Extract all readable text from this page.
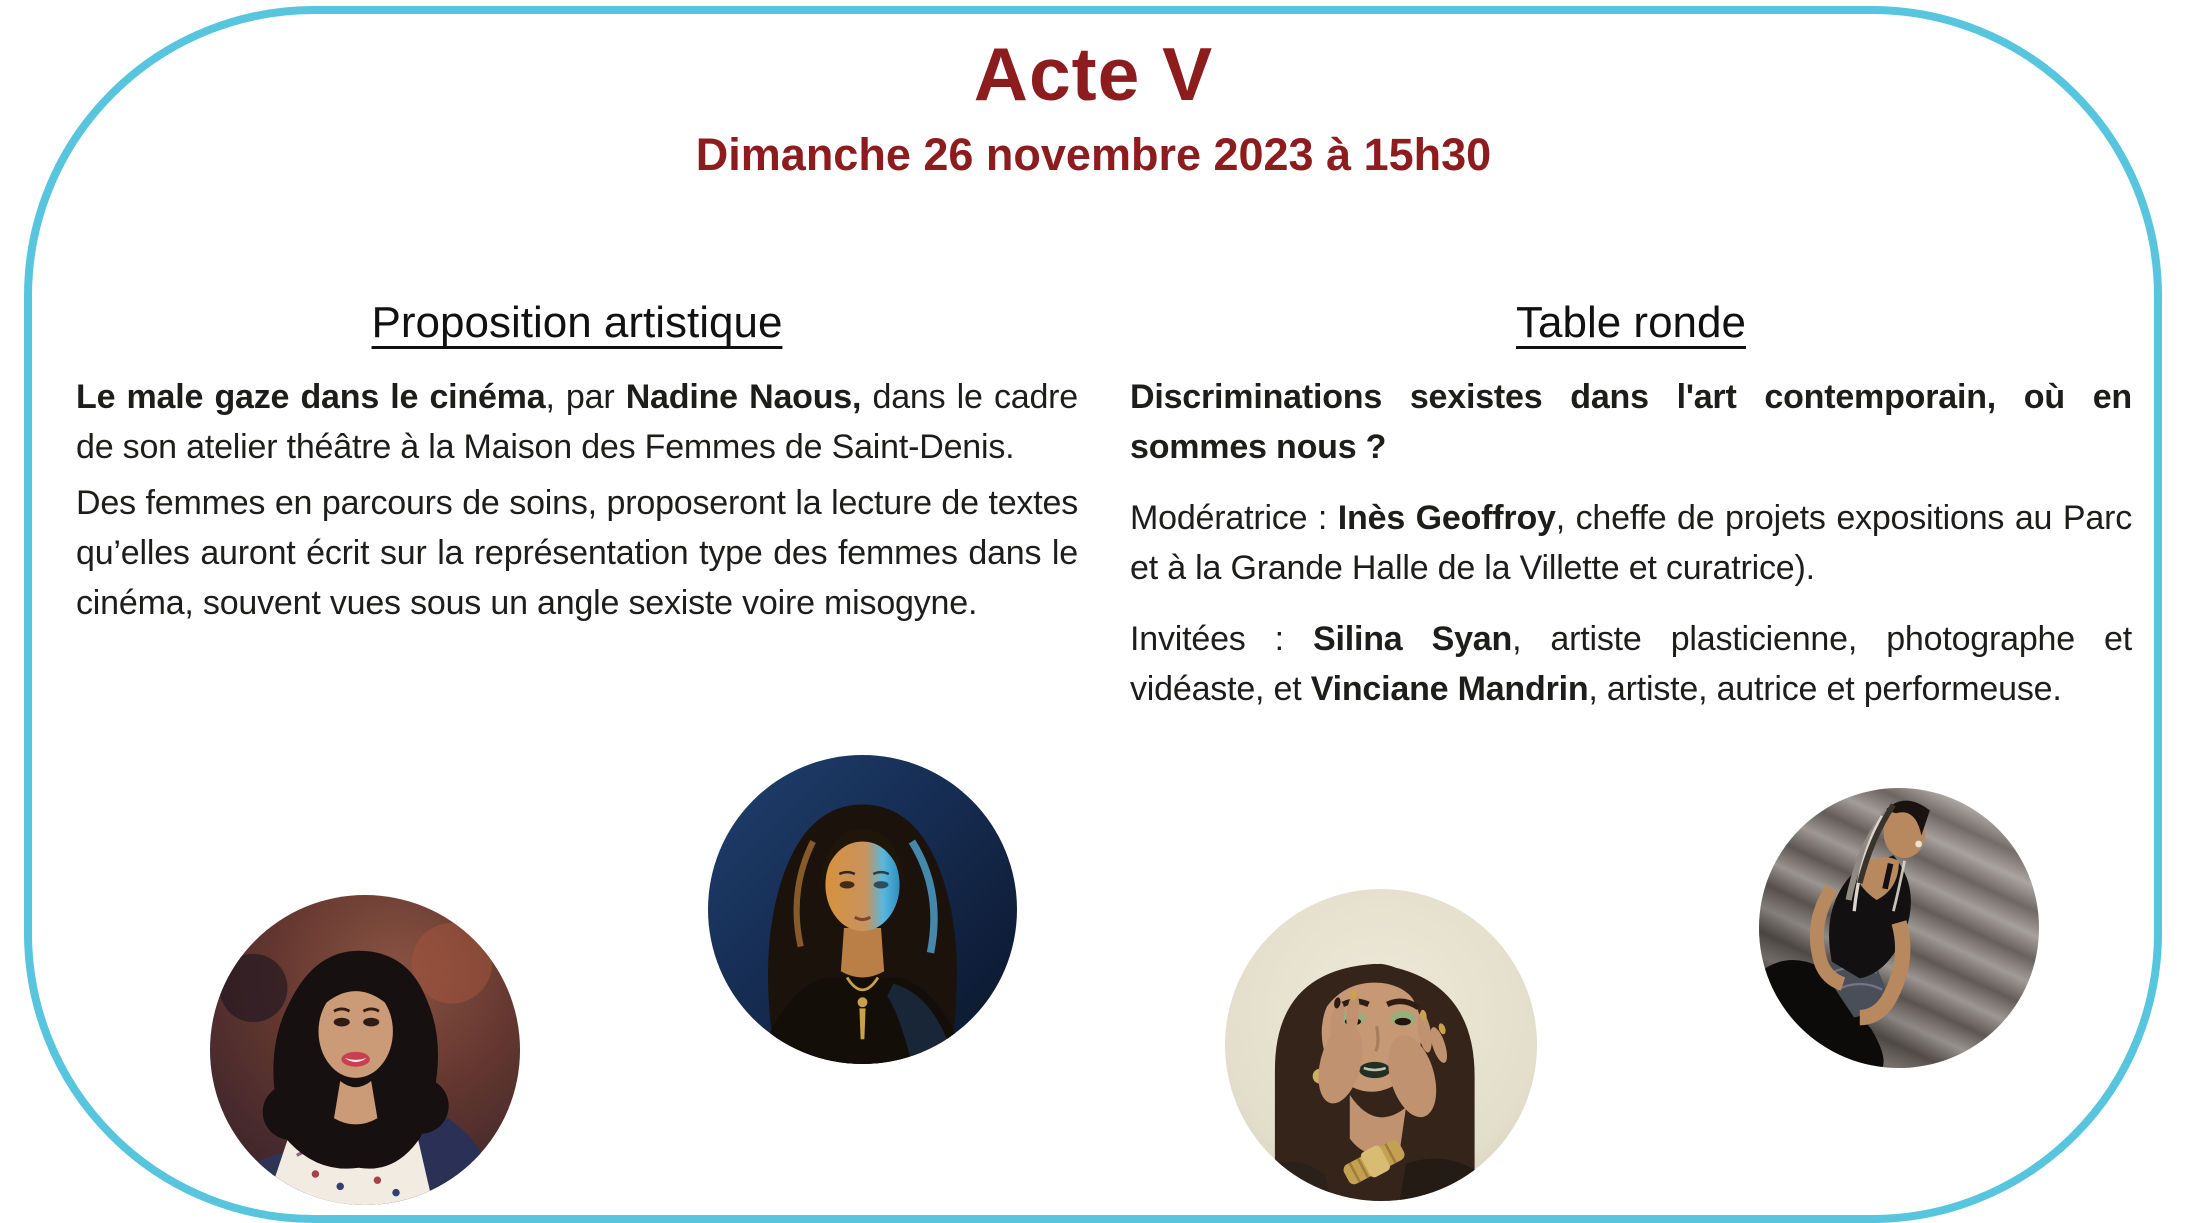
Acte V
Dimanche 26 novembre 2023 à 15h30
Proposition artistique

Le male gaze dans le cinéma, par Nadine Naous, dans le cadre de son atelier théâtre à la Maison des Femmes de Saint-Denis.

Des femmes en parcours de soins, proposeront la lecture de textes qu’elles auront écrit sur la représentation type des femmes dans le cinéma, souvent vues sous un angle sexiste voire misogyne.

Table ronde

Discriminations sexistes dans l'art contemporain, où en sommes nous ?

Modératrice : Inès Geoffroy, cheffe de projets expositions au Parc et à la Grande Halle de la Villette et curatrice).

Invitées : Silina Syan, artiste plasticienne, photographe et vidéaste, et Vinciane Mandrin, artiste, autrice et performeuse.
